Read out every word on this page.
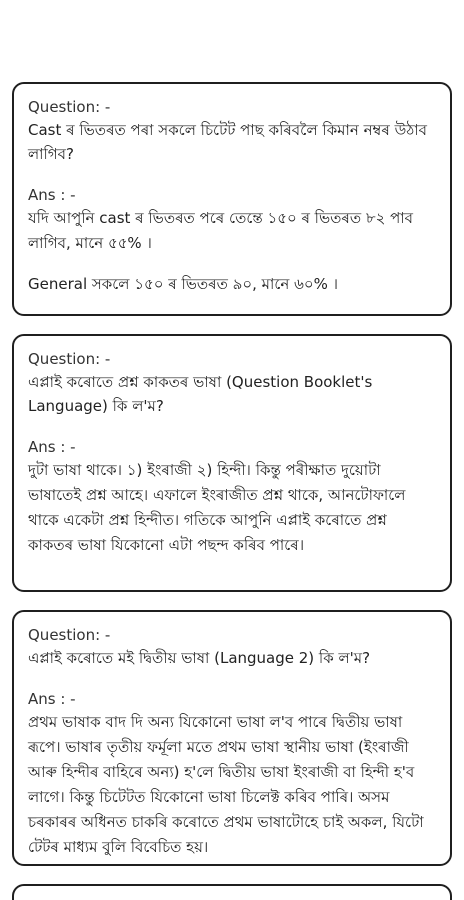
Question: -

Cast ৰ ভিতৰত পৰা সকলে চিটেট পাছ কৰিবলৈ কিমান নম্বৰ উঠাব লাগিব?

Ans : -

যদি আপুনি cast ৰ ভিতৰত পৰে তেন্তে ১৫০ ৰ ভিতৰত ৮২ পাব লাগিব, মানে ৫৫% ।

General সকলে ১৫০ ৰ ভিতৰত ৯০, মানে ৬০% ।

Question: -

এপ্লাই কৰোতে প্ৰশ্ন কাকতৰ ভাষা (Question Booklet's Language) কি ল'ম?

Ans : -

দুটা ভাষা থাকে। ১) ইংৰাজী ২) হিন্দী। কিন্তু পৰীক্ষাত দুয়োটা ভাষাতেই প্ৰশ্ন আহে। এফালে ইংৰাজীত প্ৰশ্ন থাকে, আনটোফালে থাকে একেটা প্ৰশ্ন হিন্দীত। গতিকে আপুনি এপ্লাই কৰোতে প্ৰশ্ন কাকতৰ ভাষা যিকোনো এটা পছন্দ কৰিব পাৰে।

Question: -

এপ্লাই কৰোতে মই দ্বিতীয় ভাষা (Language 2) কি ল'ম?

Ans : -

প্ৰথম ভাষাক বাদ দি অন্য যিকোনো ভাষা ল'ব পাৰে দ্বিতীয় ভাষা ৰূপে। ভাষাৰ তৃতীয় ফৰ্মূলা মতে প্ৰথম ভাষা স্থানীয় ভাষা (ইংৰাজী আৰু হিন্দীৰ বাহিৰে অন্য) হ'লে দ্বিতীয় ভাষা ইংৰাজী বা হিন্দী হ'ব লাগে। কিন্তু চিটেটত যিকোনো ভাষা চিলেক্ট কৰিব পাৰি। অসম চৰকাৰৰ অধিনত চাকৰি কৰোতে প্ৰথম ভাষাটোহে চাই অকল, যিটো টেটৰ মাধ্যম বুলি বিবেচিত হয়।
